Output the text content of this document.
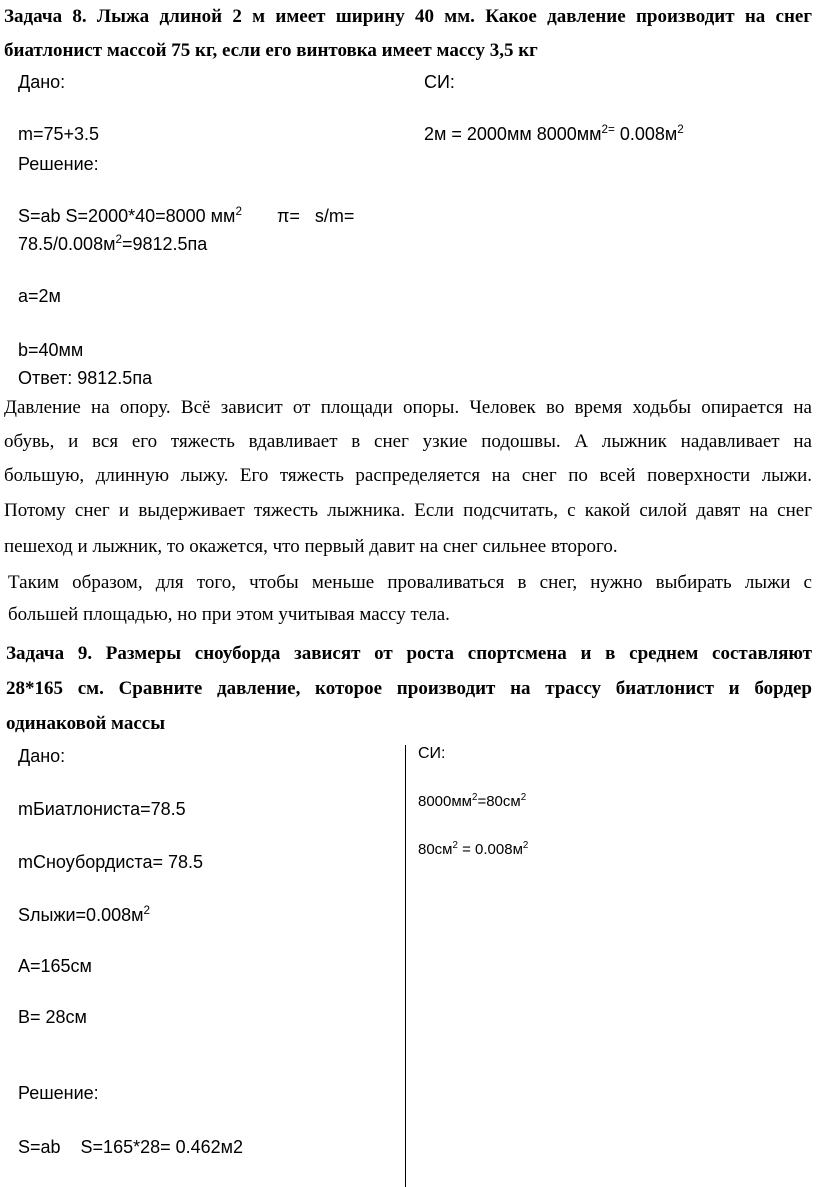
Задача 8. Лыжа длиной 2 м имеет ширину 40 мм. Какое давление производит на снег
биатлонист массой 75 кг, если его винтовка имеет массу 3,5 кг
Дано:	СИ:
m=75+3.5	2м = 2000мм $8000мм^{2=}$ $0.008м^2$
Решение:
S=ab S=2000*40=8000 $мм^2$       π=   s/m=
$78.5/0.008м^2=9812.5па$
a=2м
b=40мм
Ответ: 9812.5па
Давление на опору. Всё зависит от площади опоры. Человек во время ходьбы опирается на
обувь, и вся его тяжесть вдавливает в снег узкие подошвы. А лыжник надавливает на
большую, длинную лыжу. Его тяжесть распределяется на снег по всей поверхности лыжи.
Потому снег и выдерживает тяжесть лыжника. Если подсчитать, с какой силой давят на снег
пешеход и лыжник, то окажется, что первый давит на снег сильнее второго.
Таким образом, для того, чтобы меньше проваливаться в снег, нужно выбирать лыжи с
большей площадью, но при этом учитывая массу тела.
Задача 9. Размеры сноуборда зависят от роста спортсмена и в среднем составляют
28*165 см. Сравните давление, которое производит на трассу биатлонист и бордер
одинаковой массы
Дано:
mБиатлониста=78.5
mСноубордиста= 78.5
$Sлыжи=0.008м^2$
A=165см
B= 28см
Решение:
S=ab    S=165*28= 0.462м2
СИ:
$8000мм^2=80см^2$
$80см^2 = 0.008м^2$
